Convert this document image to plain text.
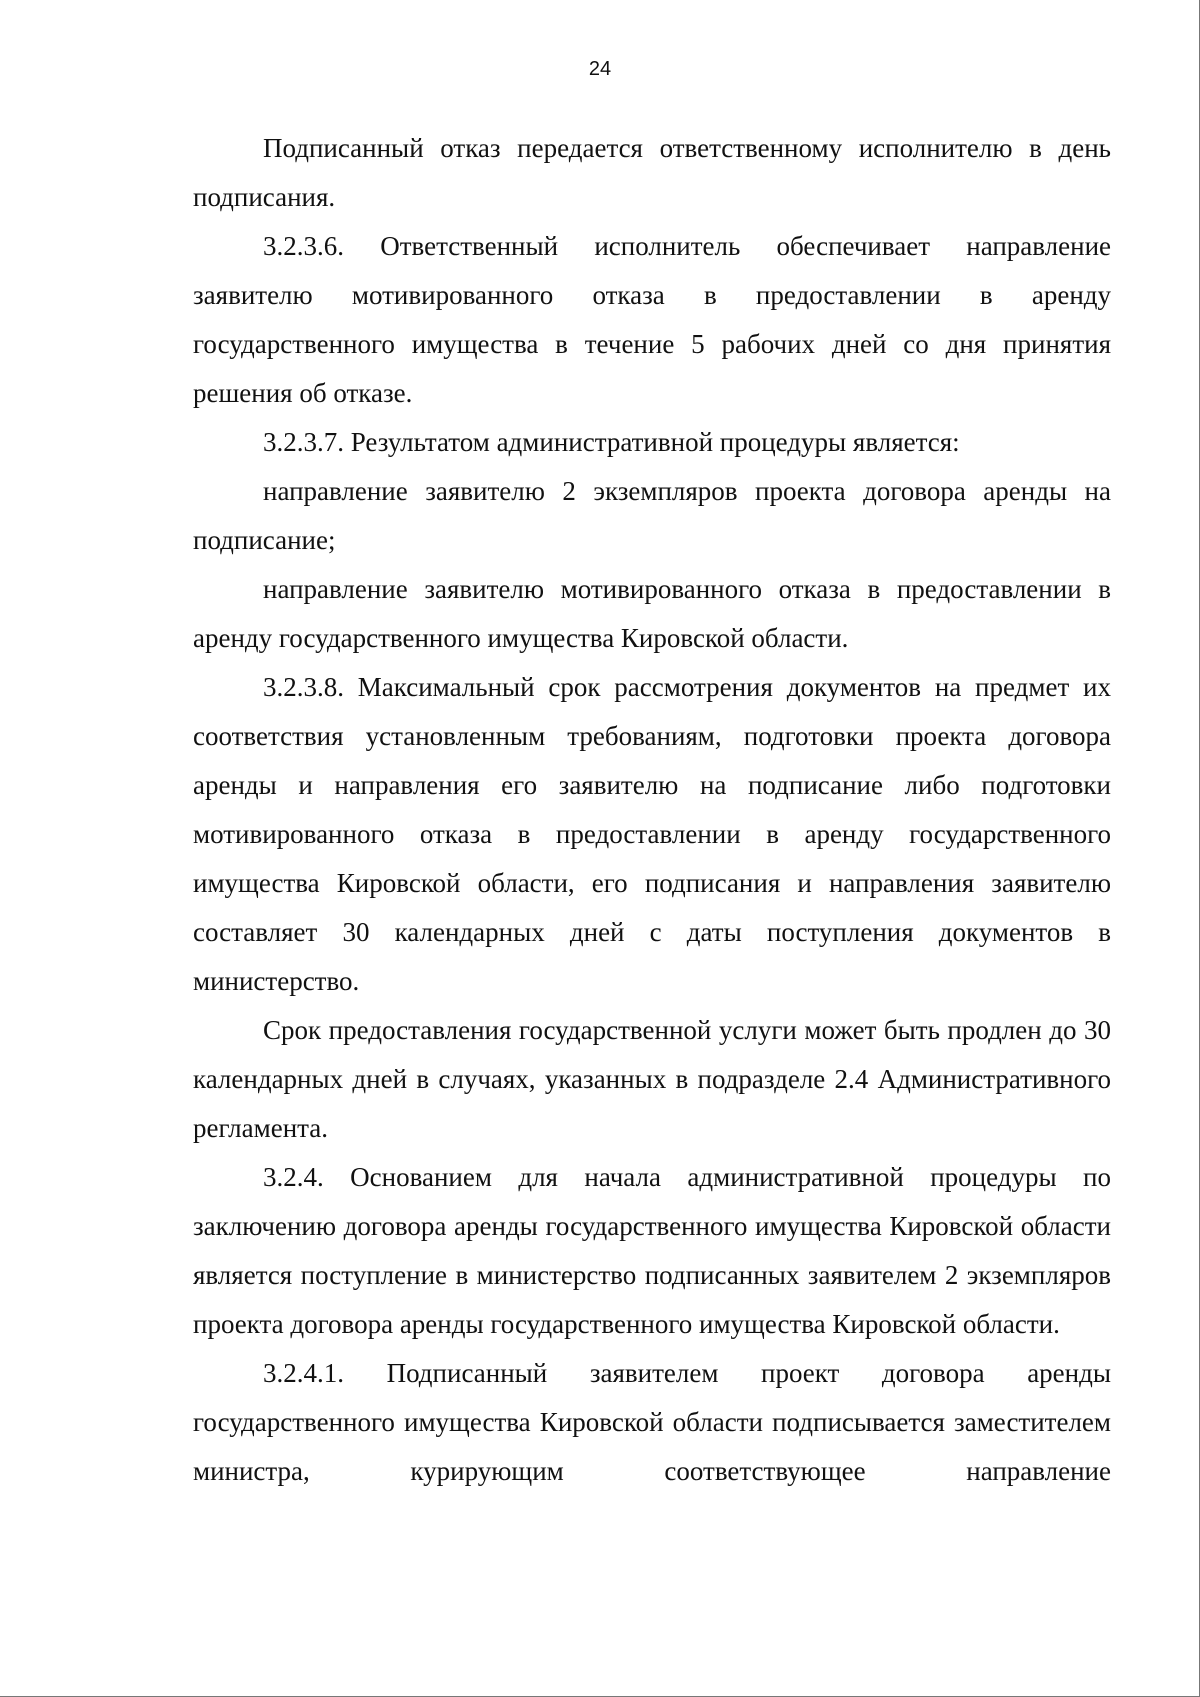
24

Подписанный отказ передается ответственному исполнителю в день подписания.

3.2.3.6. Ответственный исполнитель обеспечивает направление заявителю мотивированного отказа в предоставлении в аренду государственного имущества в течение 5 рабочих дней со дня принятия решения об отказе.

3.2.3.7. Результатом административной процедуры является:

направление заявителю 2 экземпляров проекта договора аренды на подписание;

направление заявителю мотивированного отказа в предоставлении в аренду государственного имущества Кировской области.

3.2.3.8. Максимальный срок рассмотрения документов на предмет их соответствия установленным требованиям, подготовки проекта договора аренды и направления его заявителю на подписание либо подготовки мотивированного отказа в предоставлении в аренду государственного имущества Кировской области, его подписания и направления заявителю составляет 30 календарных дней с даты поступления документов в министерство.

Срок предоставления государственной услуги может быть продлен до 30 календарных дней в случаях, указанных в подразделе 2.4 Административного регламента.

3.2.4. Основанием для начала административной процедуры по заключению договора аренды государственного имущества Кировской области является поступление в министерство подписанных заявителем 2 экземпляров проекта договора аренды государственного имущества Кировской области.

3.2.4.1. Подписанный заявителем проект договора аренды государственного имущества Кировской области подписывается заместителем министра, курирующим соответствующее направление
